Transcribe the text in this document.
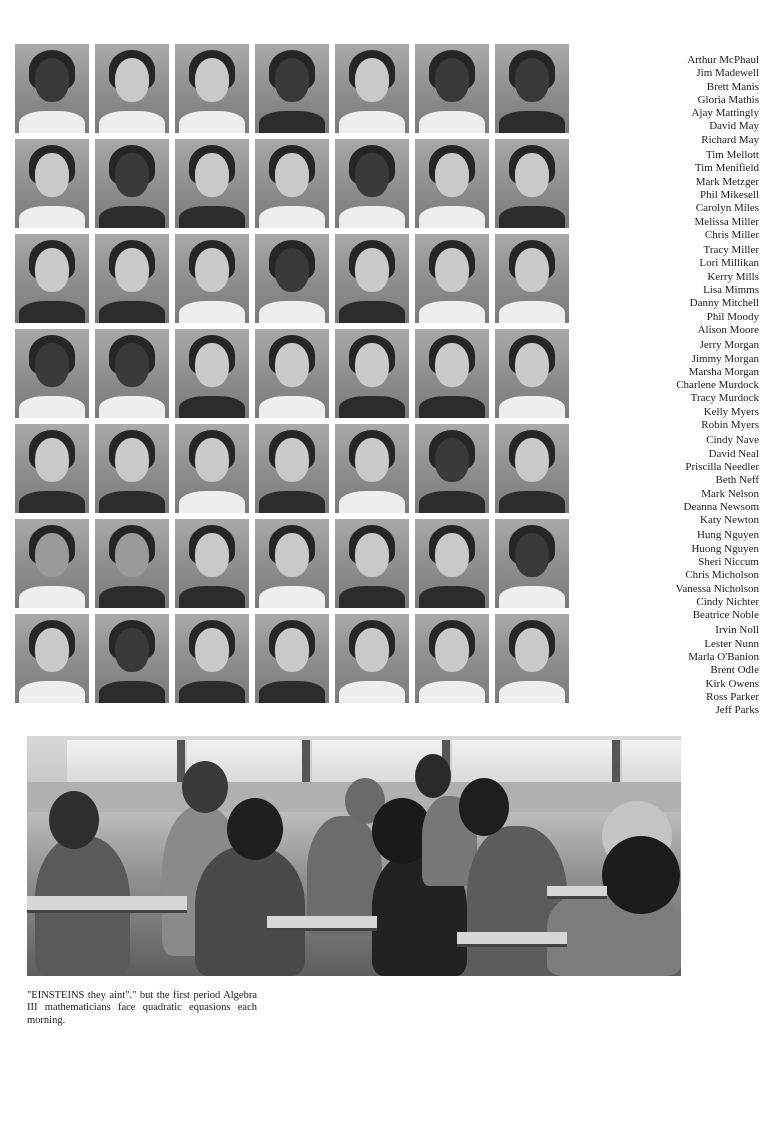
Arthur McPhaul
Jim Madewell
Brett Manis
Gloria Mathis
Ajay Mattingly
David May
Richard May
Tim Mellott
Tim Menifield
Mark Metzger
Phil Mikesell
Carolyn Miles
Melissa Miller
Chris Miller
Tracy Miller
Lori Millikan
Kerry Mills
Lisa Mimms
Danny Mitchell
Phil Moody
Alison Moore
Jerry Morgan
Jimmy Morgan
Marsha Morgan
Charlene Murdock
Tracy Murdock
Kelly Myers
Robin Myers
Cindy Nave
David Neal
Priscilla Needler
Beth Neff
Mark Nelson
Deanna Newsom
Katy Newton
Hung Nguyen
Huong Nguyen
Sheri Niccum
Chris Micholson
Vanessa Nicholson
Cindy Nichter
Beatrice Noble
Irvin Noll
Lester Nunn
Marla O'Banion
Brent Odle
Kirk Owens
Ross Parker
Jeff Parks
"EINSTEINS they aint"." but the first period Algebra III mathematicians face quadratic equasions each morning.
